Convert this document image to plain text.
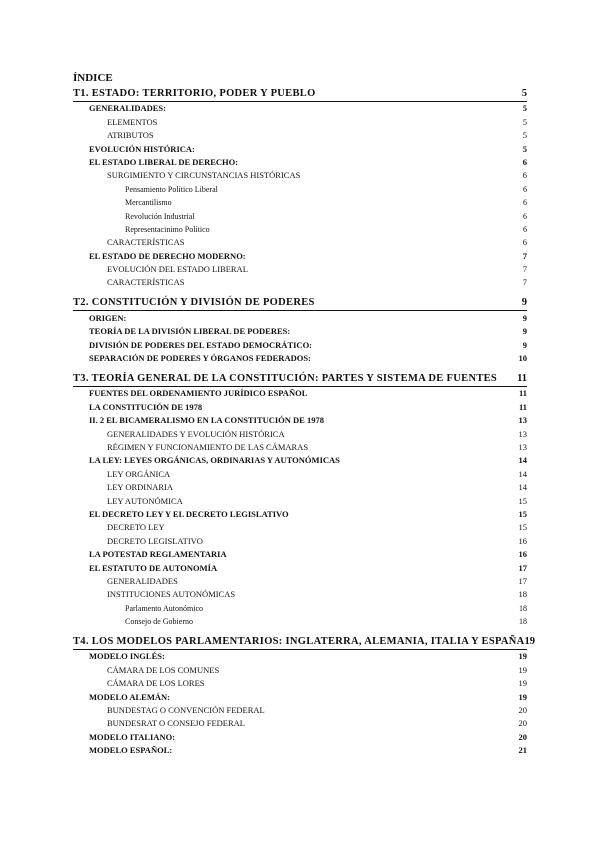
ÍNDICE
T1. ESTADO: TERRITORIO, PODER Y PUEBLO	5
GENERALIDADES:	5
ELEMENTOS	5
ATRIBUTOS	5
EVOLUCIÓN HISTÓRICA:	5
EL ESTADO LIBERAL DE DERECHO:	6
SURGIMIENTO Y CIRCUNSTANCIAS HISTÓRICAS	6
Pensamiento Político Liberal	6
Mercantilismo	6
Revolución Industrial	6
Representacinimo Político	6
CARACTERÍSTICAS	6
EL ESTADO DE DERECHO MODERNO:	7
EVOLUCIÓN DEL ESTADO LIBERAL	7
CARACTERÍSTICAS	7
T2. CONSTITUCIÓN Y DIVISIÓN DE PODERES	9
ORIGEN:	9
TEORÍA DE LA DIVISIÓN LIBERAL DE PODERES:	9
DIVISIÓN DE PODERES DEL ESTADO DEMOCRÁTICO:	9
SEPARACIÓN DE PODERES Y ÓRGANOS FEDERADOS:	10
T3. TEORÍA GENERAL DE LA CONSTITUCIÓN: PARTES Y SISTEMA DE FUENTES 11
FUENTES DEL ORDENAMIENTO JURÍDICO ESPAÑOL	11
LA CONSTITUCIÓN DE 1978	11
II. 2 EL BICAMERALISMO EN LA CONSTITUCIÓN DE 1978	13
GENERALIDADES Y EVOLUCIÓN HISTÓRICA	13
RÉGIMEN Y FUNCIONAMIENTO DE LAS CÁMARAS	13
LA LEY: LEYES ORGÁNICAS, ORDINARIAS Y AUTONÓMICAS	14
LEY ORGÁNICA	14
LEY ORDINARIA	14
LEY AUTONÓMICA	15
EL DECRETO LEY Y EL DECRETO LEGISLATIVO	15
DECRETO LEY	15
DECRETO LEGISLATIVO	16
LA POTESTAD REGLAMENTARIA	16
EL ESTATUTO DE AUTONOMÍA	17
GENERALIDADES	17
INSTITUCIONES AUTONÓMICAS	18
Parlamento Autonómico	18
Consejo de Gobierno	18
T4. LOS MODELOS PARLAMENTARIOS: INGLATERRA, ALEMANIA, ITALIA Y ESPAÑA 19
MODELO INGLÉS:	19
CÁMARA DE LOS COMUNES	19
CÁMARA DE LOS LORES	19
MODELO ALEMÁN:	19
BUNDESTAG O CONVENCIÓN FEDERAL	20
BUNDESRAT O CONSEJO FEDERAL	20
MODELO ITALIANO:	20
MODELO ESPAÑOL:	21
